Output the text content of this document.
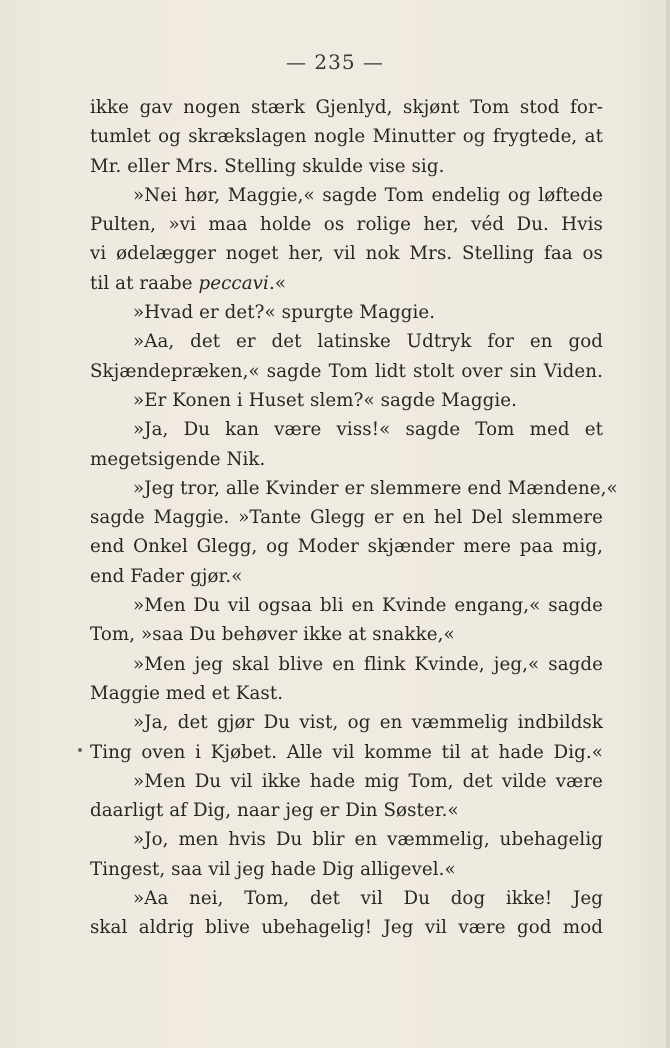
— 235 —
ikke gav nogen stærk Gjenlyd, skjønt Tom stod for-
tumlet og skrækslagen nogle Minutter og frygtede, at
Mr. eller Mrs. Stelling skulde vise sig.
»Nei hør, Maggie,« sagde Tom endelig og løftede
Pulten, »vi maa holde os rolige her, véd Du. Hvis
vi ødelægger noget her, vil nok Mrs. Stelling faa os
til at raabe peccavi.«
»Hvad er det?« spurgte Maggie.
»Aa, det er det latinske Udtryk for en god
Skjændepræken,« sagde Tom lidt stolt over sin Viden.
»Er Konen i Huset slem?« sagde Maggie.
»Ja, Du kan være viss!« sagde Tom med et
megetsigende Nik.
»Jeg tror, alle Kvinder er slemmere end Mændene,«
sagde Maggie. »Tante Glegg er en hel Del slemmere
end Onkel Glegg, og Moder skjænder mere paa mig,
end Fader gjør.«
»Men Du vil ogsaa bli en Kvinde engang,« sagde
Tom, »saa Du behøver ikke at snakke,«
»Men jeg skal blive en flink Kvinde, jeg,« sagde
Maggie med et Kast.
»Ja, det gjør Du vist, og en væmmelig indbildsk
Ting oven i Kjøbet. Alle vil komme til at hade Dig.«
»Men Du vil ikke hade mig Tom, det vilde være
daarligt af Dig, naar jeg er Din Søster.«
»Jo, men hvis Du blir en væmmelig, ubehagelig
Tingest, saa vil jeg hade Dig alligevel.«
»Aa nei, Tom, det vil Du dog ikke! Jeg
skal aldrig blive ubehagelig! Jeg vil være god mod
